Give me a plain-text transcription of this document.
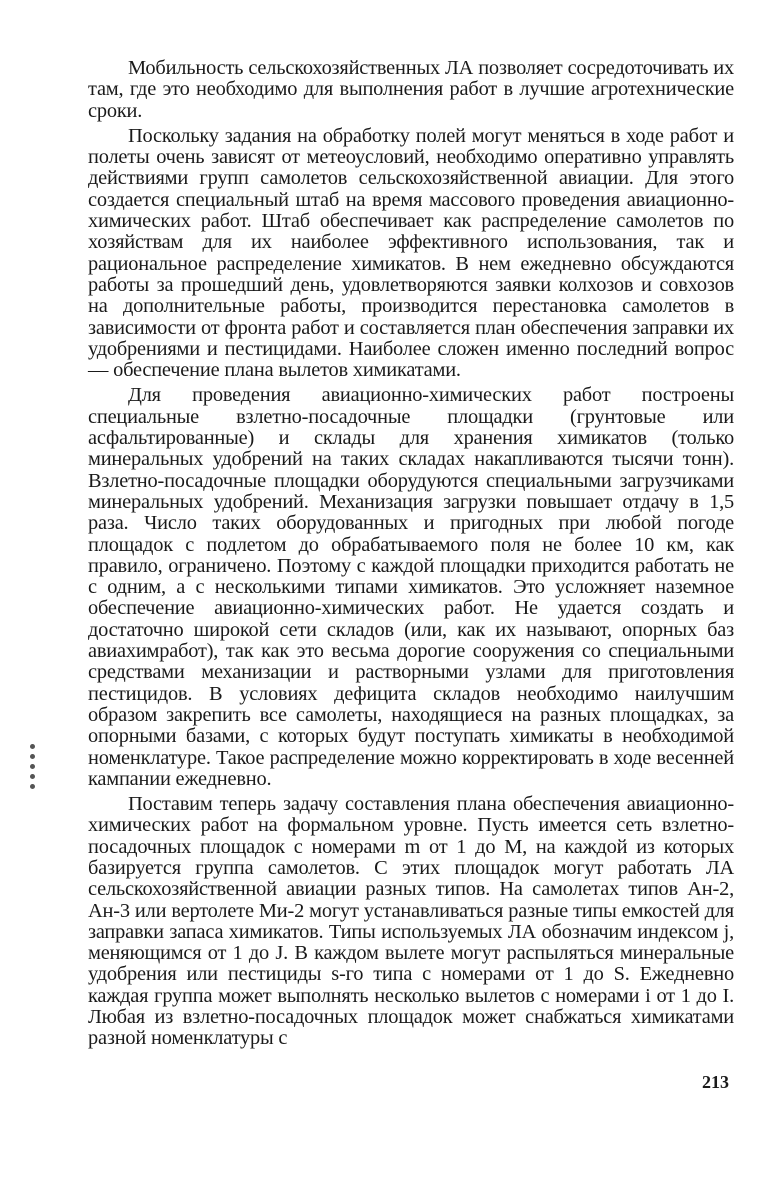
Мобильность сельскохозяйственных ЛА позволяет сосредоточивать их там, где это необходимо для выполнения работ в лучшие агротехнические сроки.

Поскольку задания на обработку полей могут меняться в ходе работ и полеты очень зависят от метеоусловий, необходимо оперативно управлять действиями групп самолетов сельскохозяйственной авиации. Для этого создается специальный штаб на время массового проведения авиационно-химических работ. Штаб обеспечивает как распределение самолетов по хозяйствам для их наиболее эффективного использования, так и рациональное распределение химикатов. В нем ежедневно обсуждаются работы за прошедший день, удовлетворяются заявки колхозов и совхозов на дополнительные работы, производится перестановка самолетов в зависимости от фронта работ и составляется план обеспечения заправки их удобрениями и пестицидами. Наиболее сложен именно последний вопрос — обеспечение плана вылетов химикатами.

Для проведения авиационно-химических работ построены специальные взлетно-посадочные площадки (грунтовые или асфальтированные) и склады для хранения химикатов (только минеральных удобрений на таких складах накапливаются тысячи тонн). Взлетно-посадочные площадки оборудуются специальными загрузчиками минеральных удобрений. Механизация загрузки повышает отдачу в 1,5 раза. Число таких оборудованных и пригодных при любой погоде площадок с подлетом до обрабатываемого поля не более 10 км, как правило, ограничено. Поэтому с каждой площадки приходится работать не с одним, а с несколькими типами химикатов. Это усложняет наземное обеспечение авиационно-химических работ. Не удается создать и достаточно широкой сети складов (или, как их называют, опорных баз авиахимработ), так как это весьма дорогие сооружения со специальными средствами механизации и растворными узлами для приготовления пестицидов. В условиях дефицита складов необходимо наилучшим образом закрепить все самолеты, находящиеся на разных площадках, за опорными базами, с которых будут поступать химикаты в необходимой номенклатуре. Такое распределение можно корректировать в ходе весенней кампании ежедневно.

Поставим теперь задачу составления плана обеспечения авиационно-химических работ на формальном уровне. Пусть имеется сеть взлетно-посадочных площадок с номерами m от 1 до M, на каждой из которых базируется группа самолетов. С этих площадок могут работать ЛА сельскохозяйственной авиации разных типов. На самолетах типов Ан-2, Ан-3 или вертолете Ми-2 могут устанавливаться разные типы емкостей для заправки запаса химикатов. Типы используемых ЛА обозначим индексом j, меняющимся от 1 до J. В каждом вылете могут распыляться минеральные удобрения или пестициды s-го типа с номерами от 1 до S. Ежедневно каждая группа может выполнять несколько вылетов с номерами i от 1 до I. Любая из взлетно-посадочных площадок может снабжаться химикатами разной номенклатуры с

213
